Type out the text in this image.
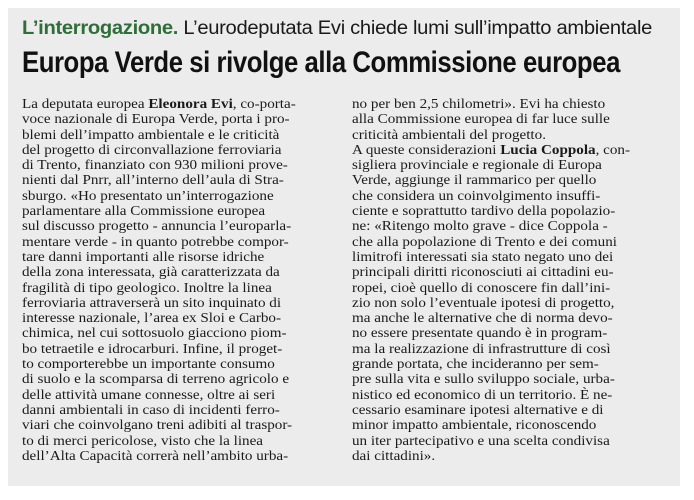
L’interrogazione. L’eurodeputata Evi chiede lumi sull’impatto ambientale
Europa Verde si rivolge alla Commissione europea
La deputata europea Eleonora Evi, co-porta-
voce nazionale di Europa Verde, porta i pro-
blemi dell’impatto ambientale e le criticità
del progetto di circonvallazione ferroviaria
di Trento, finanziato con 930 milioni prove-
nienti dal Pnrr, all’interno dell’aula di Stra-
sburgo. «Ho presentato un’interrogazione
parlamentare alla Commissione europea
sul discusso progetto - annuncia l’europarla-
mentare verde - in quanto potrebbe compor-
tare danni importanti alle risorse idriche
della zona interessata, già caratterizzata da
fragilità di tipo geologico. Inoltre la linea
ferroviaria attraverserà un sito inquinato di
interesse nazionale, l’area ex Sloi e Carbo-
chimica, nel cui sottosuolo giacciono piom-
bo tetraetile e idrocarburi. Infine, il proget-
to comporterebbe un importante consumo
di suolo e la scomparsa di terreno agricolo e
delle attività umane connesse, oltre ai seri
danni ambientali in caso di incidenti ferro-
viari che coinvolgano treni adibiti al traspor-
to di merci pericolose, visto che la linea
dell’Alta Capacità correrà nell’ambito urba-
no per ben 2,5 chilometri». Evi ha chiesto
alla Commissione europea di far luce sulle
criticità ambientali del progetto.
A queste considerazioni Lucia Coppola, con-
sigliera provinciale e regionale di Europa
Verde, aggiunge il rammarico per quello
che considera un coinvolgimento insuffi-
ciente e soprattutto tardivo della popolazio-
ne: «Ritengo molto grave - dice Coppola -
che alla popolazione di Trento e dei comuni
limitrofi interessati sia stato negato uno dei
principali diritti riconosciuti ai cittadini eu-
ropei, cioè quello di conoscere fin dall’ini-
zio non solo l’eventuale ipotesi di progetto,
ma anche le alternative che di norma devo-
no essere presentate quando è in program-
ma la realizzazione di infrastrutture di così
grande portata, che incideranno per sem-
pre sulla vita e sullo sviluppo sociale, urba-
nistico ed economico di un territorio. È ne-
cessario esaminare ipotesi alternative e di
minor impatto ambientale, riconoscendo
un iter partecipativo e una scelta condivisa
dai cittadini».
